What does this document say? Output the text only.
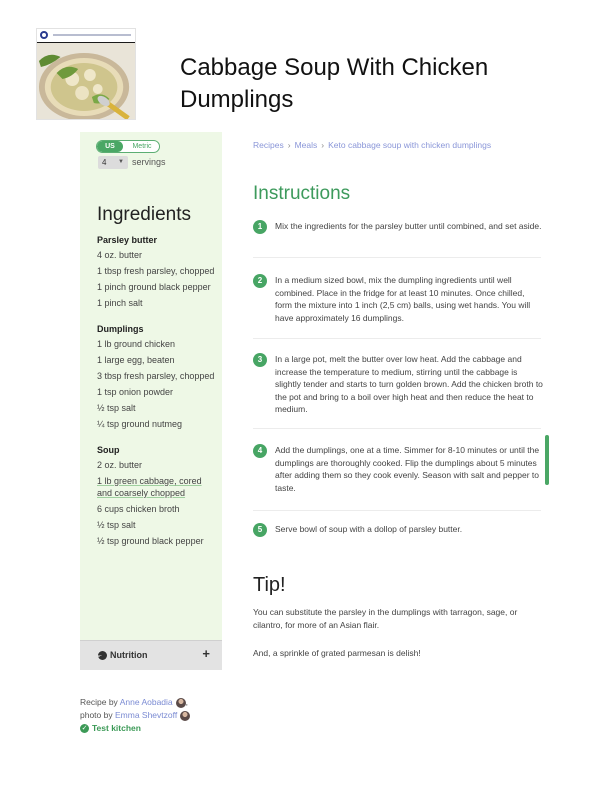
Cabbage Soup With Chicken Dumplings
US	Metric
4 ▼ servings
Ingredients
Parsley butter
4 oz. butter
1 tbsp fresh parsley, chopped
1 pinch ground black pepper
1 pinch salt
Dumplings
1 lb ground chicken
1 large egg, beaten
3 tbsp fresh parsley, chopped
1 tsp onion powder
½ tsp salt
¼ tsp ground nutmeg
Soup
2 oz. butter
1 lb green cabbage, cored and coarsely chopped
6 cups chicken broth
½ tsp salt
½ tsp ground black pepper
Nutrition	+
Recipe by Anne Aobadia ,
photo by Emma Shevtzoff
✓ Test kitchen
Recipes › Meals › Keto cabbage soup with chicken dumplings
Instructions
1	Mix the ingredients for the parsley butter until combined, and set aside.
2	In a medium sized bowl, mix the dumpling ingredients until well combined. Place in the fridge for at least 10 minutes. Once chilled, form the mixture into 1 inch (2,5 cm) balls, using wet hands. You will have approximately 16 dumplings.
3	In a large pot, melt the butter over low heat. Add the cabbage and increase the temperature to medium, stirring until the cabbage is slightly tender and starts to turn golden brown. Add the chicken broth to the pot and bring to a boil over high heat and then reduce the heat to medium.
4	Add the dumplings, one at a time. Simmer for 8-10 minutes or until the dumplings are thoroughly cooked. Flip the dumplings about 5 minutes after adding them so they cook evenly. Season with salt and pepper to taste.
5	Serve bowl of soup with a dollop of parsley butter.
Tip!
You can substitute the parsley in the dumplings with tarragon, sage, or cilantro, for more of an Asian flair.
And, a sprinkle of grated parmesan is delish!
